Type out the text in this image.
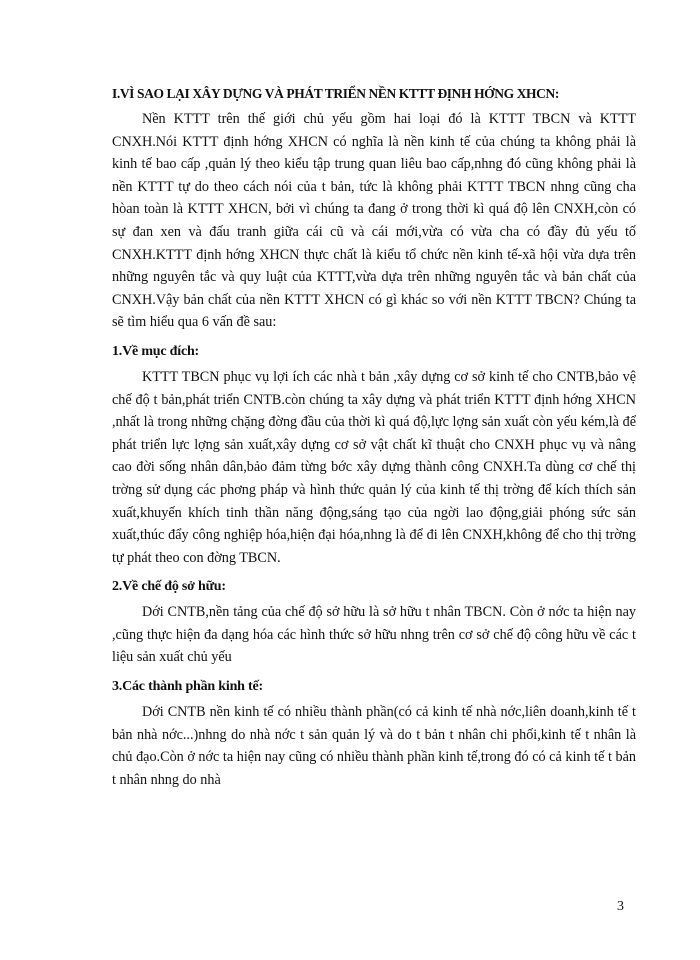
I.VÌ SAO LẠI XÂY DỰNG VÀ PHÁT TRIỂN NỀN KTTT ĐỊNH HỚNG XHCN:

Nền KTTT trên thế giới chủ yếu gồm hai loại đó là KTTT TBCN và KTTT CNXH.Nói KTTT định hớng XHCN có nghĩa là nền kinh tế của chúng ta không phải là kinh tế bao cấp ,quản lý theo kiểu tập trung quan liêu bao cấp,nhng đó cũng không phải là nền KTTT tự do theo cách nói của t bản, tức là không phải KTTT TBCN nhng cũng cha hòan toàn là KTTT XHCN, bởi vì chúng ta đang ở trong thời kì quá độ lên CNXH,còn có sự đan xen và đấu tranh giữa cái cũ và cái mới,vừa có vừa cha có đầy đủ yếu tố CNXH.KTTT định hớng XHCN thực chất là kiểu tổ chức nền kinh tế-xã hội vừa dựa trên những nguyên tắc và quy luật của KTTT,vừa dựa trên những nguyên tắc và bản chất của CNXH.Vậy bản chất của nền KTTT XHCN có gì khác so với nền KTTT TBCN? Chúng ta sẽ tìm hiểu qua 6 vấn đề sau:

1.Về mục đích:

KTTT TBCN phục vụ lợi ích các nhà t bản ,xây dựng cơ sở kinh tế cho CNTB,bảo vệ chế độ t bản,phát triển CNTB.còn chúng ta xây dựng và phát triển KTTT định hớng XHCN ,nhất là trong những chặng đờng đầu của thời kì quá độ,lực lợng sản xuất còn yếu kém,là để phát triển lực lợng sản xuất,xây dựng cơ sở vật chất kĩ thuật cho CNXH phục vụ và nâng cao đời sống nhân dân,bảo đảm từng bớc xây dựng thành công CNXH.Ta dùng cơ chế thị trờng sử dụng các phơng pháp và hình thức quản lý của kinh tế thị trờng để kích thích sản xuất,khuyến khích tinh thần năng động,sáng tạo của ngời lao động,giải phóng sức sản xuất,thúc đẩy công nghiệp hóa,hiện đại hóa,nhng là để đi lên CNXH,không để cho thị trờng tự phát theo con đờng TBCN.

2.Về chế độ sở hữu:

Dới CNTB,nền tảng của chế độ sở hữu là sở hữu t nhân TBCN. Còn ở nớc ta hiện nay ,cũng thực hiện đa dạng hóa các hình thức sở hữu nhng trên cơ sở chế độ công hữu về các t liệu sản xuất chủ yếu

3.Các thành phần kinh tế:

Dới CNTB nền kinh tế có nhiều thành phần(có cả kinh tế nhà nớc,liên doanh,kinh tế t bản nhà nớc...)nhng do nhà nớc t sản quản lý và do t bản t nhân chi phối,kinh tế t nhân là chủ đạo.Còn ở nớc ta hiện nay cũng có nhiều thành phần kinh tế,trong đó có cả kinh tế t bản t nhân nhng do nhà

3
